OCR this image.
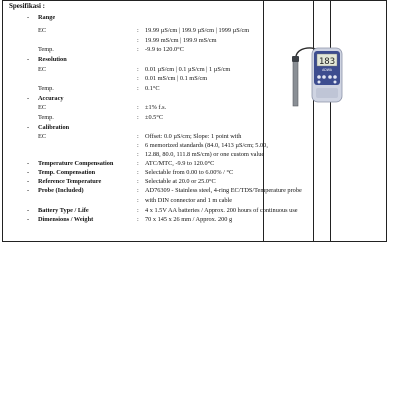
Spesifikasi :
- Range
EC	: 19.99 µS/cm | 199.9 µS/cm | 1999 µS/cm
: 19.99 mS/cm | 199.9 mS/cm
Temp.	: -9.9 to 120.0°C
- Resolution
EC	: 0.01 µS/cm | 0.1 µS/cm | 1 µS/cm
: 0.01 mS/cm | 0.1 mS/cm
Temp.	: 0.1°C
- Accuracy
EC	: ±1% f.s.
Temp.	: ±0.5°C
- Calibration
EC	: Offset: 0.0 µS/cm; Slope: 1 point with
: 6 memorized standards (84.0, 1413 µS/cm; 5.00,
: 12.88, 80.0, 111.8 mS/cm) or one custom value
- Temperature Compensation	: ATC/MTC, -9.9 to 120.0°C
- Temp. Compensation	: Selectable from 0.00 to 6.00% / °C
- Reference Temperature	: Selectable at 20.0 or 25.0°C
- Probe (Included)	: AD76309 - Stainless steel, 4-ring EC/TDS/Temperature probe
: with DIN connector and 1 m cable
- Battery Type / Life	: 4 x 1.5V AA batteries / Approx. 200 hours of continuous use
- Dimensions / Weight	: 70 x 145 x 26 mm / Approx. 200 g
183
ADWA
